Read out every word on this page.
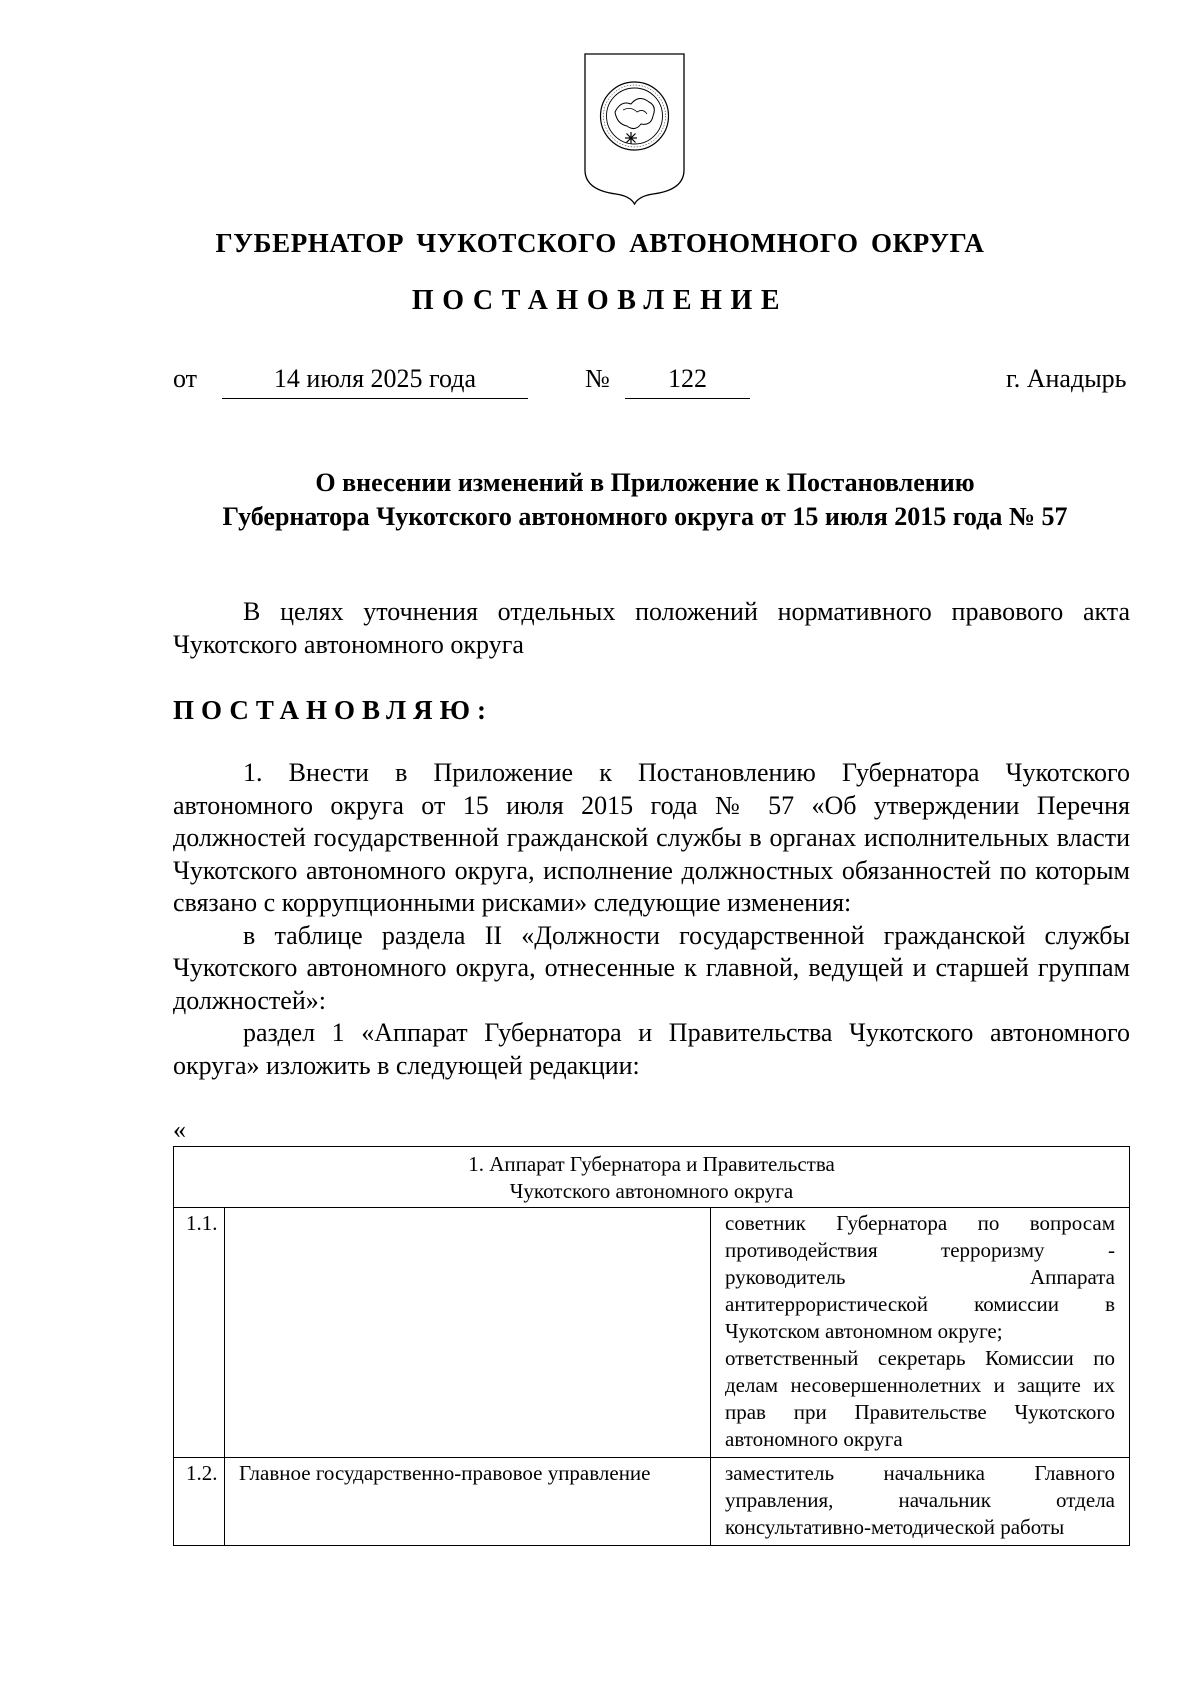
ГУБЕРНАТОР ЧУКОТСКОГО АВТОНОМНОГО ОКРУГА
ПОСТАНОВЛЕНИЕ
от	14 июля 2025 года	№	122	г. Анадырь
О внесении изменений в Приложение к Постановлению
Губернатора Чукотского автономного округа от 15 июля 2015 года № 57
В целях уточнения отдельных положений нормативного правового акта Чукотского автономного округа
ПОСТАНОВЛЯЮ:
1. Внести в Приложение к Постановлению Губернатора Чукотского автономного округа от 15 июля 2015 года № 57 «Об утверждении Перечня должностей государственной гражданской службы в органах исполнительных власти Чукотского автономного округа, исполнение должностных обязанностей по которым связано с коррупционными рисками» следующие изменения:
в таблице раздела II «Должности государственной гражданской службы Чукотского автономного округа, отнесенные к главной, ведущей и старшей группам должностей»:
раздел 1 «Аппарат Губернатора и Правительства Чукотского автономного округа» изложить в следующей редакции:
«
1. Аппарат Губернатора и Правительства
Чукотского автономного округа		

1.1.		советник Губернатора по вопросам противодействия терроризму - руководитель Аппарата антитеррористической комиссии в Чукотском автономном округе;
ответственный секретарь Комиссии по делам несовершеннолетних и защите их прав при Правительстве Чукотского автономного округа

1.2.	Главное государственно-правовое управление	заместитель начальника Главного управления, начальник отдела консультативно-методической работы
